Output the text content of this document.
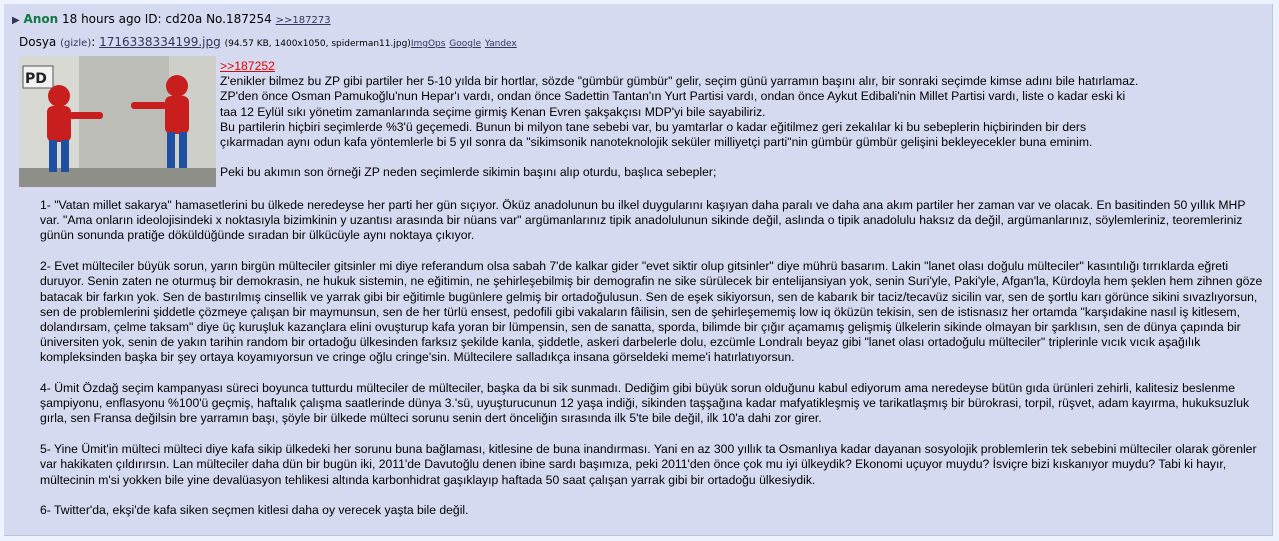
▶ Anon 18 hours ago ID: cd20a No.187254 >>187273
Dosya (gizle): 1716338334199.jpg (94.57 KB, 1400x1050, spiderman11.jpg)ImgOps Google Yandex
PD
>>187252
Z'enikler bilmez bu ZP gibi partiler her 5-10 yılda bir hortlar, sözde "gümbür gümbür" gelir, seçim günü yarramın başını alır, bir sonraki seçimde kimse adını bile hatırlamaz.
ZP'den önce Osman Pamukoğlu'nun Hepar'ı vardı, ondan önce Sadettin Tantan'ın Yurt Partisi vardı, ondan önce Aykut Edibali'nin Millet Partisi vardı, liste o kadar eski ki
taa 12 Eylül sıkı yönetim zamanlarında seçime girmiş Kenan Evren şakşakçısı MDP'yi bile sayabiliriz.
Bu partilerin hiçbiri seçimlerde %3'ü geçemedi. Bunun bi milyon tane sebebi var, bu yamtarlar o kadar eğitilmez geri zekalılar ki bu sebeplerin hiçbirinden bir ders
çıkarmadan aynı odun kafa yöntemlerle bi 5 yıl sonra da "sikimsonik nanoteknolojik seküler milliyetçi parti"nin gümbür gümbür gelişini bekleyecekler buna eminim.
Peki bu akımın son örneği ZP neden seçimlerde sikimin başını alıp oturdu, başlıca sebepler;

1- "Vatan millet sakarya" hamasetlerini bu ülkede neredeyse her parti her gün sıçıyor. Öküz anadolunun bu ilkel duygularını kaşıyan daha paralı ve daha ana akım partiler her zaman var ve olacak. En basitinden 50 yıllık MHP var. "Ama onların ideolojisindeki x noktasıyla bizimkinin y uzantısı arasında bir nüans var" argümanlarınız tipik anadolulunun sikinde değil, aslında o tipik anadolulu haksız da değil, argümanlarınız, söylemleriniz, teoremleriniz günün sonunda pratiğe döküldüğünde sıradan bir ülkücüyle aynı noktaya çıkıyor.

2- Evet mülteciler büyük sorun, yarın birgün mülteciler gitsinler mi diye referandum olsa sabah 7'de kalkar gider "evet siktir olup gitsinler" diye mührü basarım. Lakin "lanet olası doğulu mülteciler" kasıntılığı tırrıklarda eğreti duruyor. Senin zaten ne oturmuş bir demokrasin, ne hukuk sistemin, ne eğitimin, ne şehirleşebilmiş bir demografin ne sike sürülecek bir entelijansiyan yok, senin Suri'yle, Paki'yle, Afgan'la, Kürdoyla hem şeklen hem zihnen göze batacak bir farkın yok. Sen de bastırılmış cinsellik ve yarrak gibi bir eğitimle bugünlere gelmiş bir ortadoğulusun. Sen de eşek sikiyorsun, sen de kabarık bir taciz/tecavüz sicilin var, sen de şortlu karı görünce sikini sıvazlıyorsun, sen de problemlerini şiddetle çözmeye çalışan bir maymunsun, sen de her türlü ensest, pedofili gibi vakaların fâilisin, sen de şehirleşememiş low iq öküzün tekisin, sen de istisnasız her ortamda "karşıdakine nasıl iş kitlesem, dolandırsam, çelme taksam" diye üç kuruşluk kazançlara elini ovuşturup kafa yoran bir lümpensin, sen de sanatta, sporda, bilimde bir çığır açamamış gelişmiş ülkelerin sikinde olmayan bir şarklısın, sen de dünya çapında bir üniversiten yok, senin de yakın tarihin random bir ortadoğu ülkesinden farksız şekilde kanla, şiddetle, askeri darbelerle dolu, ezcümle Londralı beyaz gibi "lanet olası ortadoğulu mülteciler" triplerinle vıcık vıcık aşağılık kompleksinden başka bir şey ortaya koyamıyorsun ve cringe oğlu cringe'sin. Mültecilere salladıkça insana görseldeki meme'i hatırlatıyorsun.

4- Ümit Özdağ seçim kampanyası süreci boyunca tutturdu mülteciler de mülteciler, başka da bi sik sunmadı. Dediğim gibi büyük sorun olduğunu kabul ediyorum ama neredeyse bütün gıda ürünleri zehirli, kalitesiz beslenme şampiyonu, enflasyonu %100'ü geçmiş, haftalık çalışma saatlerinde dünya 3.'sü, uyuşturucunun 12 yaşa indiği, sikinden taşşağına kadar mafyatikleşmiş ve tarikatlaşmış bir bürokrasi, torpil, rüşvet, adam kayırma, hukuksuzluk gırla, sen Fransa değilsin bre yarramın başı, şöyle bir ülkede mülteci sorunu senin dert önceliğin sırasında ilk 5'te bile değil, ilk 10'a dahi zor girer.

5- Yine Ümit'in mülteci mülteci diye kafa sikip ülkedeki her sorunu buna bağlaması, kitlesine de buna inandırması. Yani en az 300 yıllık ta Osmanlıya kadar dayanan sosyolojik problemlerin tek sebebini mülteciler olarak görenler var hakikaten çıldırırsın. Lan mülteciler daha dün bir bugün iki, 2011'de Davutoğlu denen ibine sardı başımıza, peki 2011'den önce çok mu iyi ülkeydik? Ekonomi uçuyor muydu? İsviçre bizi kıskanıyor muydu? Tabi ki hayır, mültecinin m'si yokken bile yine devalüasyon tehlikesi altında karbonhidrat gaşıklayıp haftada 50 saat çalışan yarrak gibi bir ortadoğu ülkesiydik.

6- Twitter'da, ekşi'de kafa siken seçmen kitlesi daha oy verecek yaşta bile değil.
